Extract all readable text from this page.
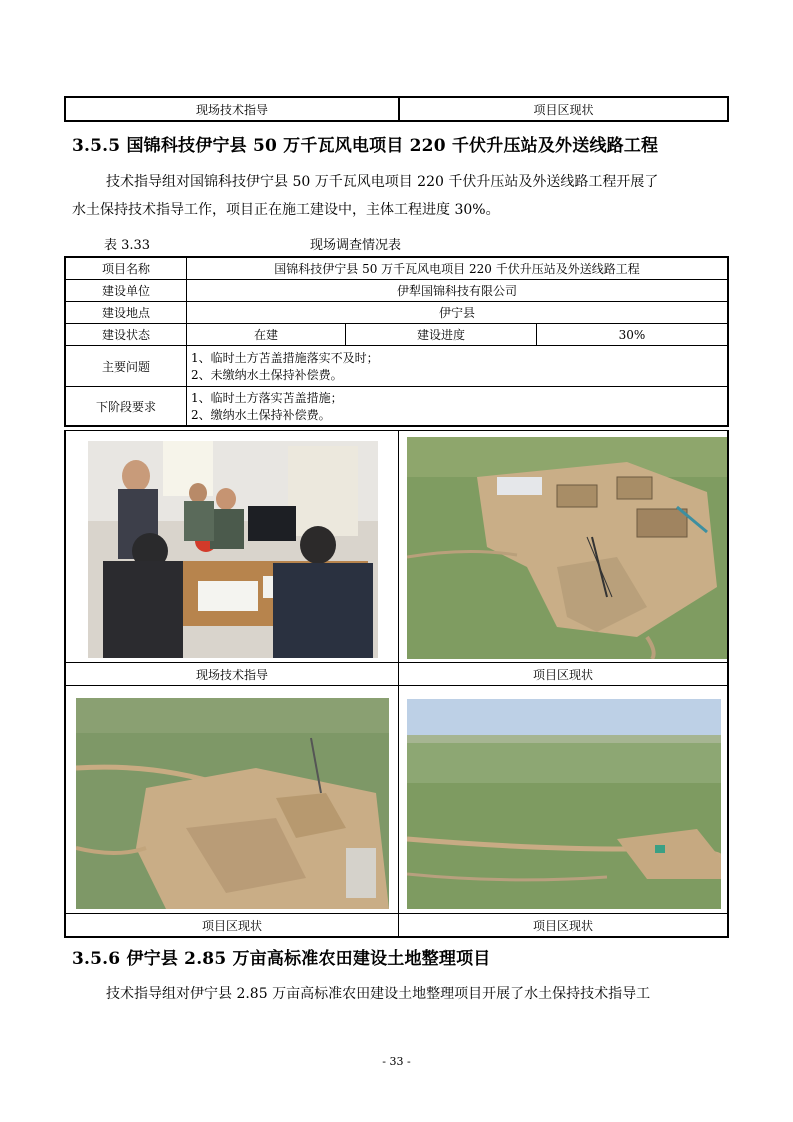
现场技术指导	项目区现状
3.5.5 国锦科技伊宁县 50 万千瓦风电项目 220 千伏升压站及外送线路工程
技术指导组对国锦科技伊宁县 50 万千瓦风电项目 220 千伏升压站及外送线路工程开展了
水土保持技术指导工作，项目正在施工建设中，主体工程进度 30%。
表 3.33	现场调查情况表
项目名称	国锦科技伊宁县 50 万千瓦风电项目 220 千伏升压站及外送线路工程		
建设单位	伊犁国锦科技有限公司		
建设地点	伊宁县		
建设状态	在建	建设进度	30%
主要问题	1、临时土方苫盖措施落实不及时；
2、未缴纳水土保持补偿费。		

下阶段要求	1、临时土方落实苫盖措施；
2、缴纳水土保持补偿费。		

现场技术指导	项目区现状

项目区现状	项目区现状
3.5.6 伊宁县 2.85 万亩高标准农田建设土地整理项目
技术指导组对伊宁县 2.85 万亩高标准农田建设土地整理项目开展了水土保持技术指导工
- 33 -
